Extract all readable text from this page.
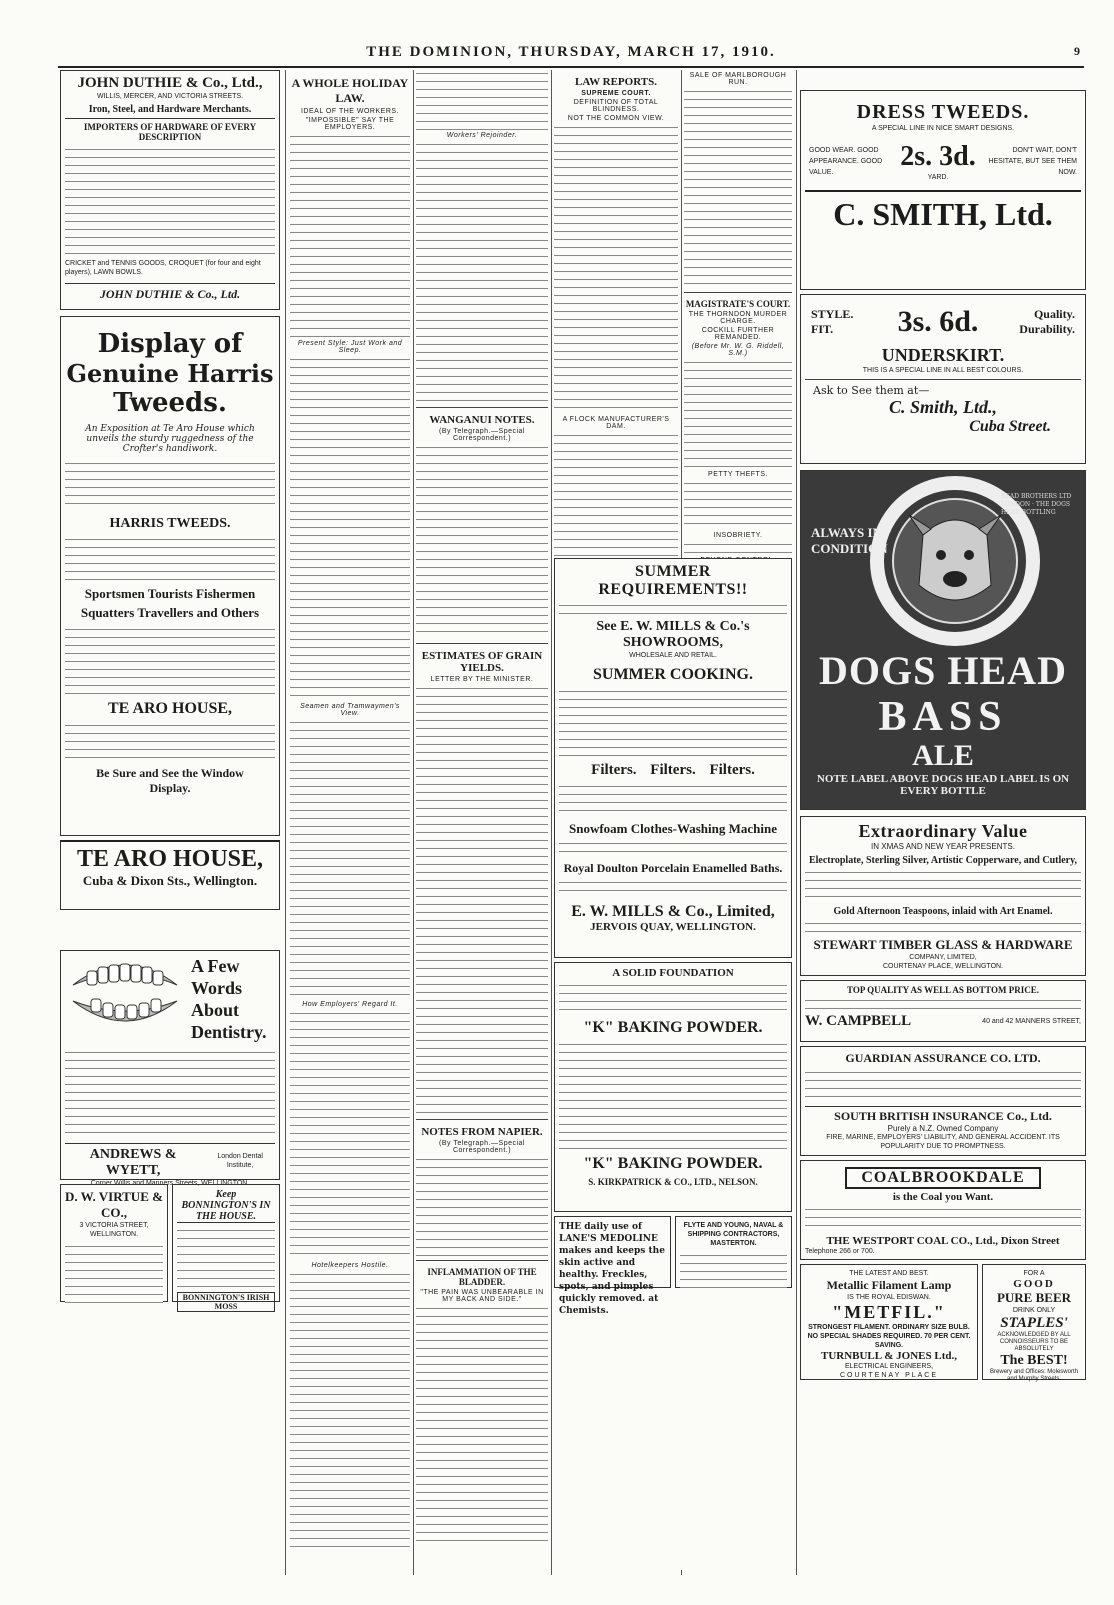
THE DOMINION, THURSDAY, MARCH 17, 1910.	9
JOHN DUTHIE & Co., Ltd.,
WILLIS, MERCER, AND VICTORIA STREETS.
Iron, Steel, and Hardware Merchants.
IMPORTERS OF HARDWARE OF EVERY DESCRIPTION
CRICKET and TENNIS GOODS, CROQUET (for four and eight players), LAWN BOWLS.
JOHN DUTHIE & Co., Ltd.
Display of
Genuine Harris
Tweeds.
An Exposition at Te Aro House which unveils the sturdy ruggedness of the Crofter's handiwork.
HARRIS TWEEDS.
Sportsmen Tourists Fishermen Squatters Travellers and Others
TE ARO HOUSE,
Be Sure and See the Window Display.
TE ARO HOUSE,
Cuba & Dixon Sts., Wellington.
A Few Words About Dentistry.
ANDREWS & WYETT,
London Dental Institute,
Corner Willis and Manners Streets, WELLINGTON.
D. W. VIRTUE & CO.,
3 VICTORIA STREET, WELLINGTON.
Keep BONNINGTON'S IN THE HOUSE.
BONNINGTON'S IRISH MOSS
A WHOLE HOLIDAY LAW.
IDEAL OF THE WORKERS.
"IMPOSSIBLE" SAY THE EMPLOYERS.
Present Style: Just Work and Sleep.
Seamen and Tramwaymen's View.
How Employers' Regard It.
Hotelkeepers Hostile.
Workers' Rejoinder.
WANGANUI NOTES.
(By Telegraph.—Special Correspondent.)
ESTIMATES OF GRAIN YIELDS.
LETTER BY THE MINISTER.
NOTES FROM NAPIER.
(By Telegraph.—Special Correspondent.)
INFLAMMATION OF THE BLADDER.
"THE PAIN WAS UNBEARABLE IN MY BACK AND SIDE."
LAW REPORTS.
SUPREME COURT.
DEFINITION OF TOTAL BLINDNESS.
NOT THE COMMON VIEW.
A FLOCK MANUFACTURER'S DAM.
SALE OF MARLBOROUGH RUN.
MAGISTRATE'S COURT.
THE THORNDON MURDER CHARGE.
COCKILL FURTHER REMANDED.
(Before Mr. W. G. Riddell, S.M.)
PETTY THEFTS.
INSOBRIETY.
SUMMER REQUIREMENTS!!
See E. W. MILLS & Co.'s SHOWROOMS,
WHOLESALE AND RETAIL.
SUMMER COOKING.
Filters. Filters. Filters.
Snowfoam Clothes-Washing Machine
Royal Doulton Porcelain Enamelled Baths.
E. W. MILLS & Co., Limited,
JERVOIS QUAY, WELLINGTON.
A SOLID FOUNDATION
"K" BAKING POWDER.
"K" BAKING POWDER.
S. KIRKPATRICK & CO., LTD., NELSON.
THE daily use of LANE'S MEDOLINE makes and keeps the skin active and healthy. Freckles, spots, and pimples quickly removed. at Chemists.
FLYTE AND YOUNG, NAVAL & SHIPPING CONTRACTORS, MASTERTON.
DRESS TWEEDS.
A SPECIAL LINE IN NICE SMART DESIGNS.
GOOD WEAR. GOOD APPEARANCE. GOOD VALUE.
2s. 3d.
YARD.
DON'T WAIT, DON'T HESITATE, BUT SEE THEM NOW.
C. SMITH, Ltd.
STYLE. FIT.	3s. 6d.	Quality. Durability.
UNDERSKIRT.
THIS IS A SPECIAL LINE IN ALL BEST COLOURS.
Ask to See them at—
C. Smith, Ltd.,
Cuba Street.
ALWAYS IN CONDITION
READ BROTHERS LTD LONDON · THE DOGS HEAD BOTTLING
DOGS HEAD
BASS
ALE
NOTE LABEL ABOVE DOGS HEAD LABEL IS ON EVERY BOTTLE
Extraordinary Value
IN XMAS AND NEW YEAR PRESENTS.
Electroplate, Sterling Silver, Artistic Copperware, and Cutlery,
Gold Afternoon Teaspoons, inlaid with Art Enamel.
STEWART TIMBER GLASS & HARDWARE
COMPANY, LIMITED,
COURTENAY PLACE, WELLINGTON.
TOP QUALITY AS WELL AS BOTTOM PRICE.
W. CAMPBELL	40 and 42 MANNERS STREET,
GUARDIAN ASSURANCE CO. LTD.
SOUTH BRITISH INSURANCE Co., Ltd.
Purely a N.Z. Owned Company
FIRE, MARINE, EMPLOYERS' LIABILITY, AND GENERAL ACCIDENT. ITS POPULARITY DUE TO PROMPTNESS.
COALBROOKDALE
is the Coal you Want.
THE WESTPORT COAL CO., Ltd., Dixon Street
Telephone 266 or 700.
THE LATEST AND BEST.
Metallic Filament Lamp
IS THE ROYAL EDISWAN.
"METFIL."
STRONGEST FILAMENT. ORDINARY SIZE BULB. NO SPECIAL SHADES REQUIRED. 70 PER CENT. SAVING.
TURNBULL & JONES Ltd.,
ELECTRICAL ENGINEERS,
COURTENAY PLACE
FOR A
GOOD
PURE BEER
DRINK ONLY
STAPLES'
ACKNOWLEDGED BY ALL CONNOISSEURS TO BE ABSOLUTELY
The BEST!
Brewery and Offices: Molesworth and Murphy Streets.
